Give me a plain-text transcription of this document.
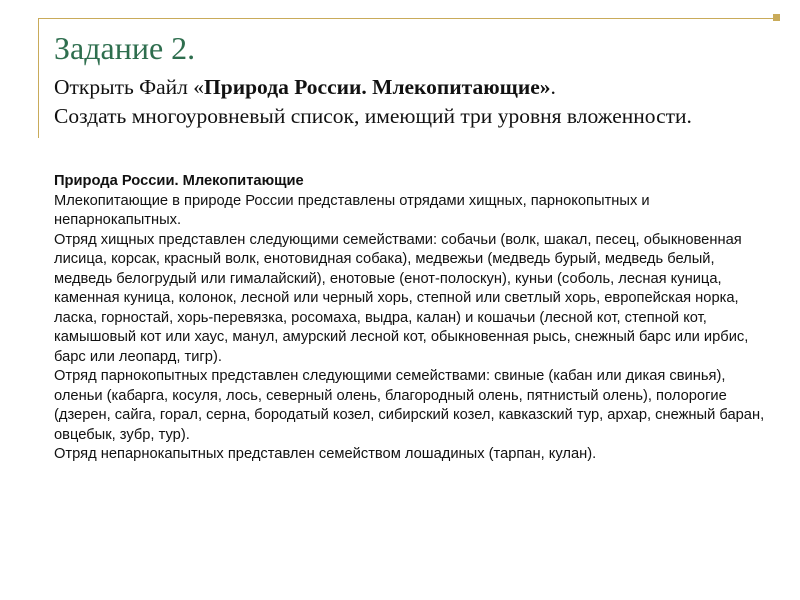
Задание 2.
Открыть Файл «Природа России. Млекопитающие».
Создать многоуровневый список, имеющий три уровня вложенности.

Природа России. Млекопитающие

Млекопитающие в природе России представлены отрядами хищных, парнокопытных и непарнокапытных.

Отряд хищных представлен следующими семействами: собачьи (волк, шакал, песец, обыкновенная лисица, корсак, красный волк, енотовидная собака), медвежьи (медведь бурый, медведь белый, медведь белогрудый или гималайский), енотовые (енот-полоскун), куньи (соболь, лесная куница, каменная куница, колонок, лесной или черный хорь, степной или светлый хорь, европейская норка, ласка, горностай, хорь-перевязка, росомаха, выдра, калан) и кошачьи (лесной кот, степной кот, камышовый кот или хаус, манул, амурский лесной кот, обыкновенная рысь, снежный барс или ирбис, барс или леопард, тигр).

Отряд парнокопытных представлен следующими семействами: свиные (кабан или дикая свинья), оленьи (кабарга, косуля, лось, северный олень, благородный олень, пятнистый олень), полорогие (дзерен, сайга, горал, серна, бородатый козел, сибирский козел, кавказский тур, архар, снежный баран, овцебык, зубр, тур).

Отряд непарнокапытных представлен семейством лошадиных (тарпан, кулан).
